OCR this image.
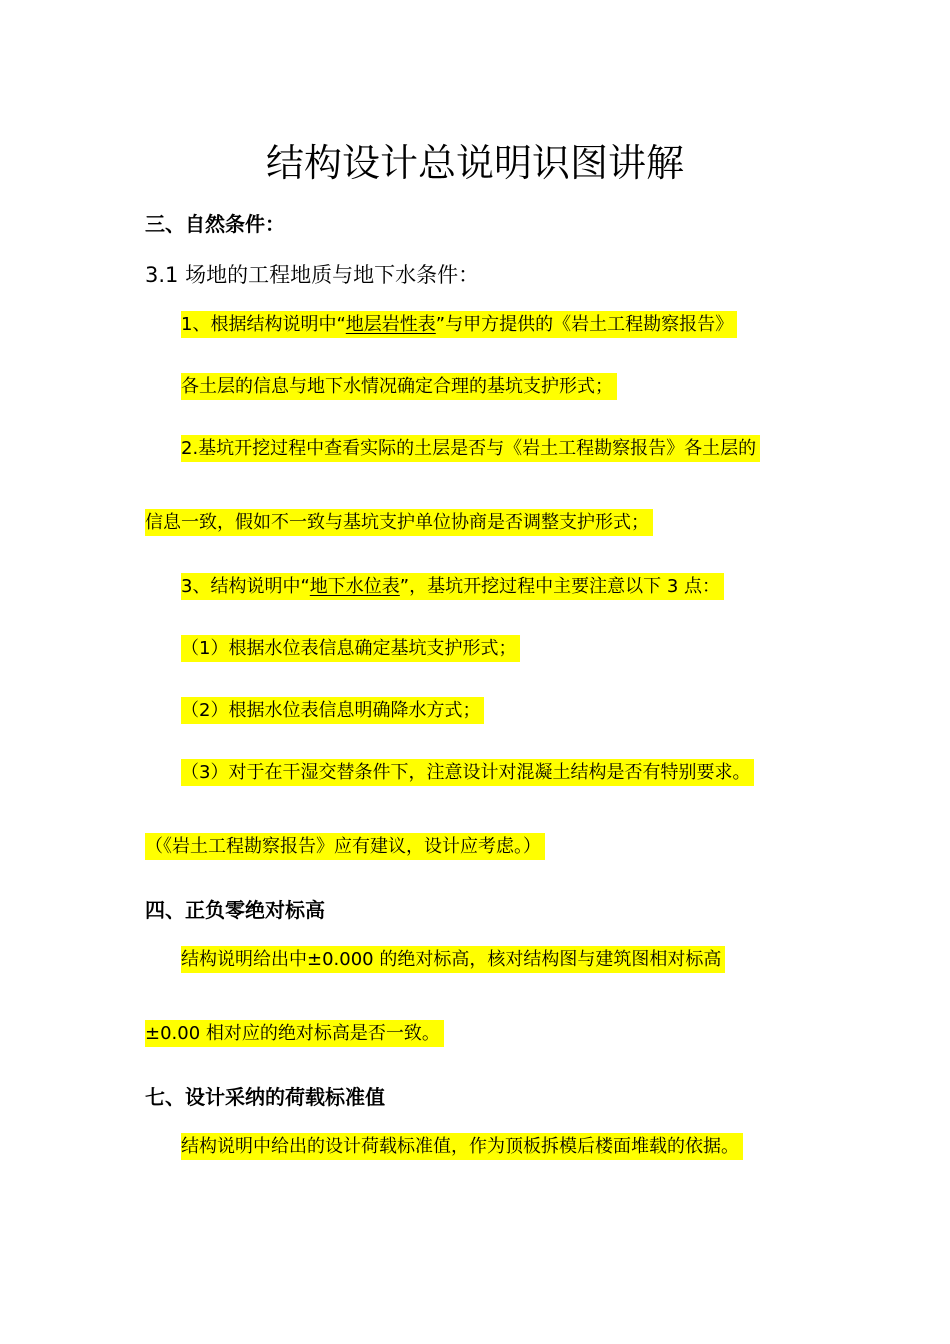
结构设计总说明识图讲解
三、自然条件：
3.1 场地的工程地质与地下水条件：
1、根据结构说明中“地层岩性表”与甲方提供的《岩土工程勘察报告》
各土层的信息与地下水情况确定合理的基坑支护形式；
2.基坑开挖过程中查看实际的土层是否与《岩土工程勘察报告》各土层的
信息一致，假如不一致与基坑支护单位协商是否调整支护形式；
3、结构说明中“地下水位表”，基坑开挖过程中主要注意以下 3 点：
（1）根据水位表信息确定基坑支护形式；
（2）根据水位表信息明确降水方式；
（3）对于在干湿交替条件下，注意设计对混凝土结构是否有特别要求。
（《岩土工程勘察报告》应有建议，设计应考虑。）
四、正负零绝对标高
结构说明给出中±0.000 的绝对标高，核对结构图与建筑图相对标高
±0.00 相对应的绝对标高是否一致。
七、设计采纳的荷载标准值
结构说明中给出的设计荷载标准值，作为顶板拆模后楼面堆载的依据。
